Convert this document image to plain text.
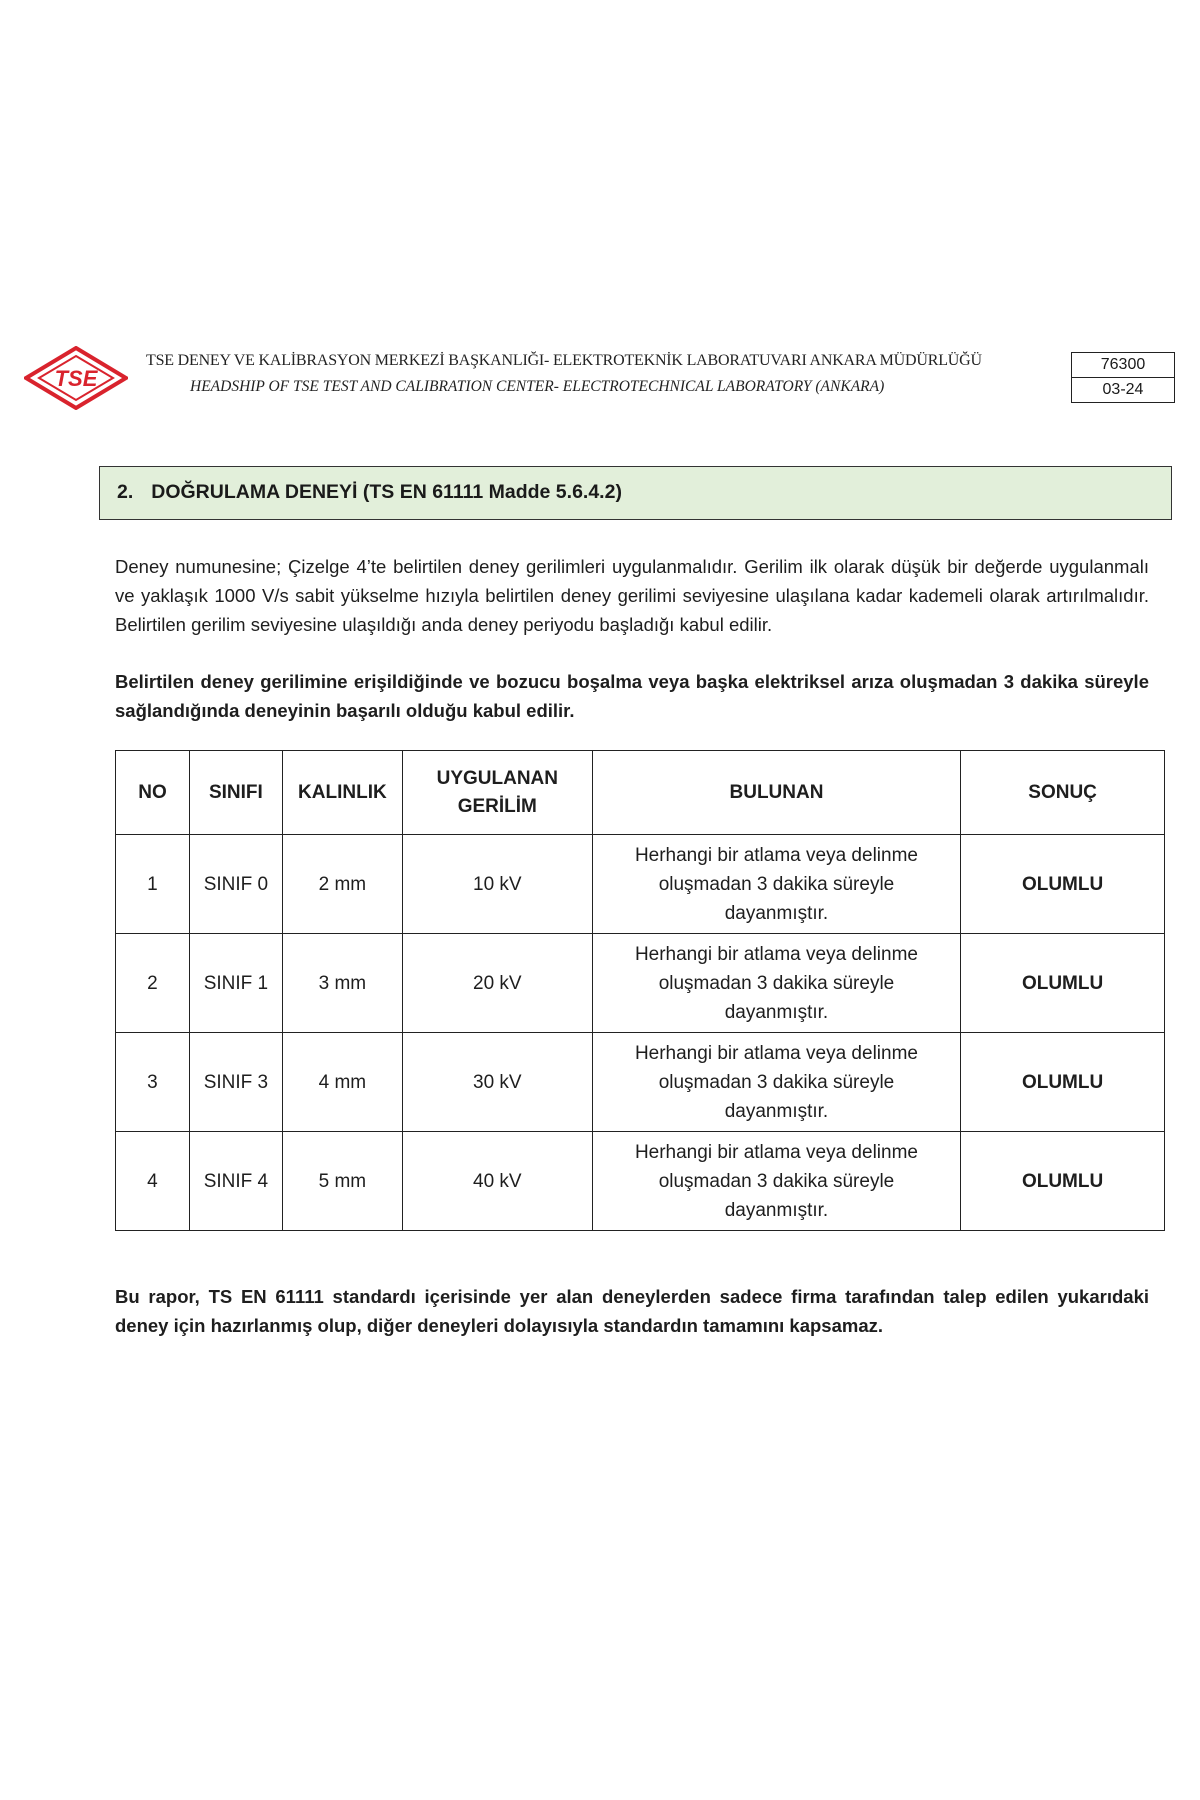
TSE
TSE DENEY VE KALİBRASYON MERKEZİ BAŞKANLIĞI- ELEKTROTEKNİK LABORATUVARI ANKARA MÜDÜRLÜĞÜ
HEADSHIP OF TSE TEST AND CALIBRATION CENTER- ELECTROTECHNICAL LABORATORY (ANKARA)
76300
03-24
2. DOĞRULAMA DENEYİ (TS EN 61111 Madde 5.6.4.2)
Deney numunesine; Çizelge 4’te belirtilen deney gerilimleri uygulanmalıdır. Gerilim ilk olarak düşük bir değerde uygulanmalı ve yaklaşık 1000 V/s sabit yükselme hızıyla belirtilen deney gerilimi seviyesine ulaşılana kadar kademeli olarak artırılmalıdır. Belirtilen gerilim seviyesine ulaşıldığı anda deney periyodu başladığı kabul edilir.
Belirtilen deney gerilimine erişildiğinde ve bozucu boşalma veya başka elektriksel arıza oluşmadan 3 dakika süreyle sağlandığında deneyinin başarılı olduğu kabul edilir.
NO	SINIFI	KALINLIK	UYGULANAN
GERİLİM	BULUNAN	SONUÇ
1	SINIF 0	2 mm	10 kV	Herhangi bir atlama veya delinme
oluşmadan 3 dakika süreyle
dayanmıştır.	OLUMLU
2	SINIF 1	3 mm	20 kV	Herhangi bir atlama veya delinme
oluşmadan 3 dakika süreyle
dayanmıştır.	OLUMLU
3	SINIF 3	4 mm	30 kV	Herhangi bir atlama veya delinme
oluşmadan 3 dakika süreyle
dayanmıştır.	OLUMLU
4	SINIF 4	5 mm	40 kV	Herhangi bir atlama veya delinme
oluşmadan 3 dakika süreyle
dayanmıştır.	OLUMLU
Bu rapor, TS EN 61111 standardı içerisinde yer alan deneylerden sadece firma tarafından talep edilen yukarıdaki deney için hazırlanmış olup, diğer deneyleri dolayısıyla standardın tamamını kapsamaz.
